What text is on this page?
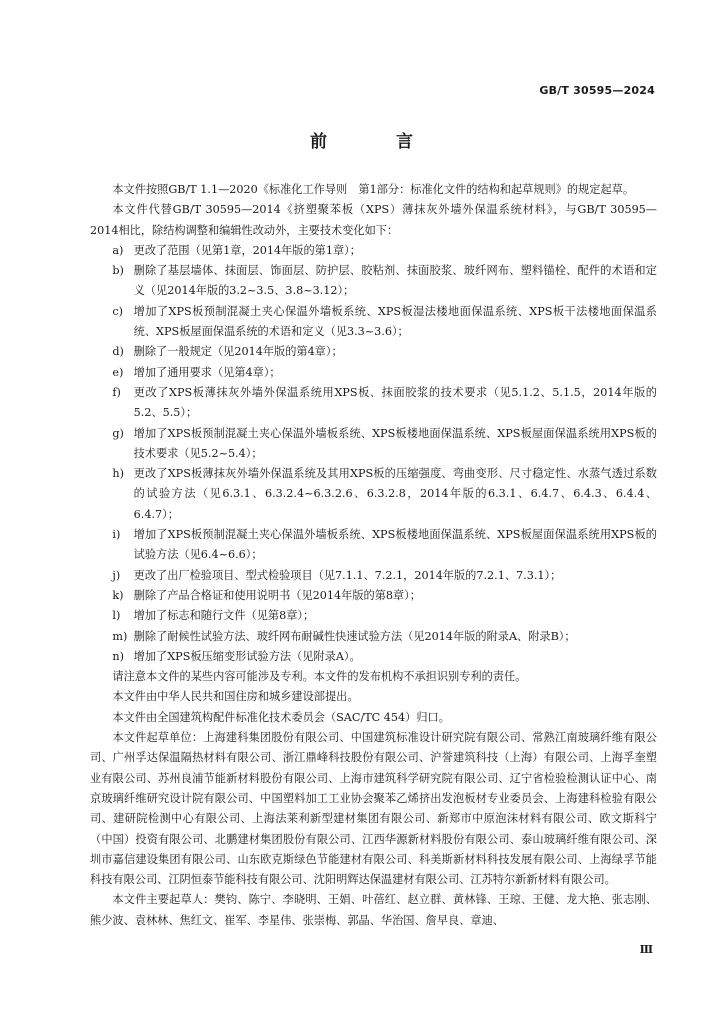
GB/T 30595—2024
前　言

本文件按照GB/T 1.1—2020《标准化工作导则　第1部分：标准化文件的结构和起草规则》的规定起草。

本文件代替GB/T 30595—2014《挤塑聚苯板（XPS）薄抹灰外墙外保温系统材料》，与GB/T 30595—2014相比，除结构调整和编辑性改动外，主要技术变化如下：

a) 更改了范围（见第1章，2014年版的第1章）；
b) 删除了基层墙体、抹面层、饰面层、防护层、胶粘剂、抹面胶浆、玻纤网布、塑料锚栓、配件的术语和定义（见2014年版的3.2~3.5、3.8~3.12）；
c) 增加了XPS板预制混凝土夹心保温外墙板系统、XPS板湿法楼地面保温系统、XPS板干法楼地面保温系统、XPS板屋面保温系统的术语和定义（见3.3~3.6）；
d) 删除了一般规定（见2014年版的第4章）；
e) 增加了通用要求（见第4章）；
f)	更改了XPS板薄抹灰外墙外保温系统用XPS板、抹面胶浆的技术要求（见5.1.2、5.1.5，2014年版的5.2、5.5）；
g) 增加了XPS板预制混凝土夹心保温外墙板系统、XPS板楼地面保温系统、XPS板屋面保温系统用XPS板的技术要求（见5.2~5.4）；
h) 更改了XPS板薄抹灰外墙外保温系统及其用XPS板的压缩强度、弯曲变形、尺寸稳定性、水蒸气透过系数的试验方法（见6.3.1、6.3.2.4~6.3.2.6、6.3.2.8，2014年版的6.3.1、6.4.7、6.4.3、6.4.4、6.4.7）；
i)	增加了XPS板预制混凝土夹心保温外墙板系统、XPS板楼地面保温系统、XPS板屋面保温系统用XPS板的试验方法（见6.4~6.6）；
j)	更改了出厂检验项目、型式检验项目（见7.1.1、7.2.1，2014年版的7.2.1、7.3.1）；
k) 删除了产品合格证和使用说明书（见2014年版的第8章）；
l)	增加了标志和随行文件（见第8章）；
m) 删除了耐候性试验方法、玻纤网布耐碱性快速试验方法（见2014年版的附录A、附录B）；
n) 增加了XPS板压缩变形试验方法（见附录A）。

请注意本文件的某些内容可能涉及专利。本文件的发布机构不承担识别专利的责任。

本文件由中华人民共和国住房和城乡建设部提出。

本文件由全国建筑构配件标准化技术委员会（SAC/TC 454）归口。

本文件起草单位：上海建科集团股份有限公司、中国建筑标准设计研究院有限公司、常熟江南玻璃纤维有限公司、广州孚达保温隔热材料有限公司、浙江鼎峰科技股份有限公司、沪誉建筑科技（上海）有限公司、上海孚奎塑业有限公司、苏州良浦节能新材料股份有限公司、上海市建筑科学研究院有限公司、辽宁省检验检测认证中心、南京玻璃纤维研究设计院有限公司、中国塑料加工工业协会聚苯乙烯挤出发泡板材专业委员会、上海建科检验有限公司、建研院检测中心有限公司、上海法莱利新型建材集团有限公司、新郑市中原泡沫材料有限公司、欧文斯科宁（中国）投资有限公司、北鹏建材集团股份有限公司、江西华源新材料股份有限公司、泰山玻璃纤维有限公司、深圳市嘉信建设集团有限公司、山东欧克斯绿色节能建材有限公司、科美斯新材料科技发展有限公司、上海绿孚节能科技有限公司、江阴恒泰节能科技有限公司、沈阳明辉达保温建材有限公司、江苏特尔新新材料有限公司。

本文件主要起草人：樊钧、陈宁、李晓明、王娟、叶蓓红、赵立群、黄林锋、王琼、王健、龙大艳、张志刚、熊少波、袁林林、焦红文、崔军、李星伟、张崇梅、郭晶、华治国、詹早良、章迪、

Ⅲ
